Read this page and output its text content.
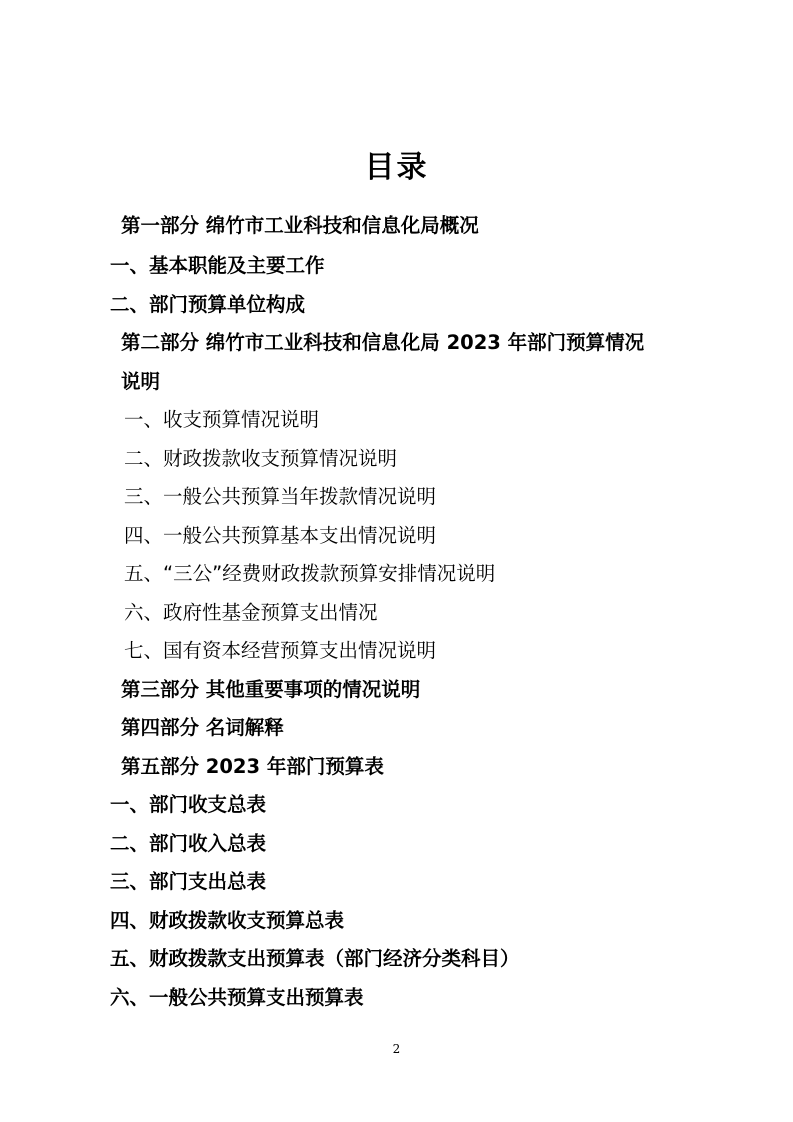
目录
第一部分 绵竹市工业科技和信息化局概况
一、基本职能及主要工作
二、部门预算单位构成
第二部分 绵竹市工业科技和信息化局 2023 年部门预算情况
说明
一、收支预算情况说明
二、财政拨款收支预算情况说明
三、一般公共预算当年拨款情况说明
四、一般公共预算基本支出情况说明
五、“三公”经费财政拨款预算安排情况说明
六、政府性基金预算支出情况
七、国有资本经营预算支出情况说明
第三部分 其他重要事项的情况说明
第四部分 名词解释
第五部分 2023 年部门预算表
一、部门收支总表
二、部门收入总表
三、部门支出总表
四、财政拨款收支预算总表
五、财政拨款支出预算表（部门经济分类科目）
六、一般公共预算支出预算表
2
